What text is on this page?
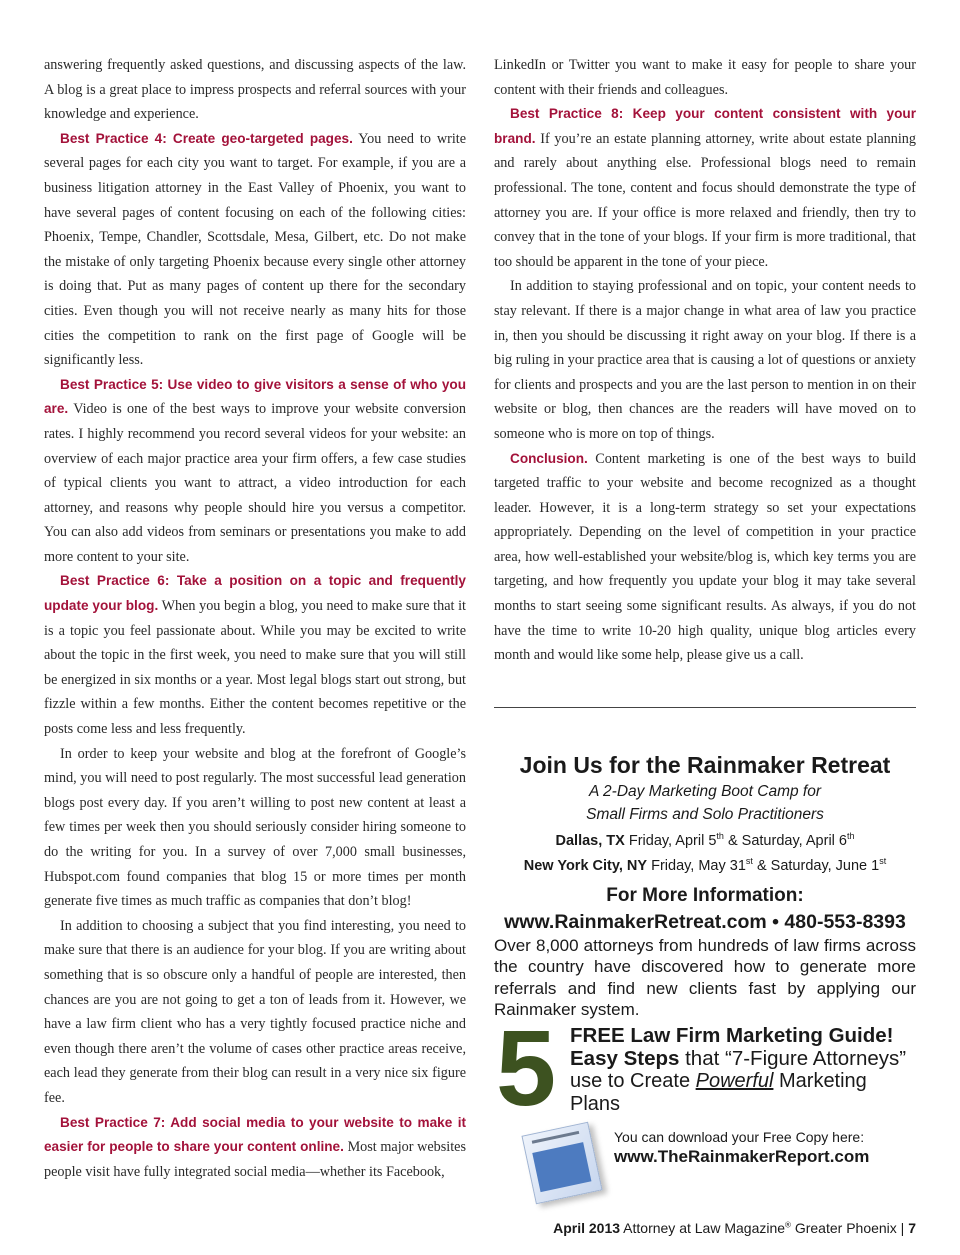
answering frequently asked questions, and discussing aspects of the law. A blog is a great place to impress prospects and referral sources with your knowledge and experience.

Best Practice 4: Create geo-targeted pages. You need to write several pages for each city you want to target. For example, if you are a business litigation attorney in the East Valley of Phoenix, you want to have several pages of content focusing on each of the following cities: Phoenix, Tempe, Chandler, Scottsdale, Mesa, Gilbert, etc. Do not make the mistake of only targeting Phoenix because every single other attorney is doing that. Put as many pages of content up there for the secondary cities. Even though you will not receive nearly as many hits for those cities the competition to rank on the first page of Google will be significantly less.

Best Practice 5: Use video to give visitors a sense of who you are. Video is one of the best ways to improve your website conversion rates. I highly recommend you record several videos for your website: an overview of each major practice area your firm offers, a few case studies of typical clients you want to attract, a video introduction for each attorney, and reasons why people should hire you versus a competitor. You can also add videos from seminars or presentations you make to add more content to your site.

Best Practice 6: Take a position on a topic and frequently update your blog. When you begin a blog, you need to make sure that it is a topic you feel passionate about. While you may be excited to write about the topic in the first week, you need to make sure that you will still be energized in six months or a year. Most legal blogs start out strong, but fizzle within a few months. Either the content becomes repetitive or the posts come less and less frequently.

In order to keep your website and blog at the forefront of Google’s mind, you will need to post regularly. The most successful lead generation blogs post every day. If you aren’t willing to post new content at least a few times per week then you should seriously consider hiring someone to do the writing for you. In a survey of over 7,000 small businesses, Hubspot.com found companies that blog 15 or more times per month generate five times as much traffic as companies that don’t blog!

In addition to choosing a subject that you find interesting, you need to make sure that there is an audience for your blog. If you are writing about something that is so obscure only a handful of people are interested, then chances are you are not going to get a ton of leads from it. However, we have a law firm client who has a very tightly focused practice niche and even though there aren’t the volume of cases other practice areas receive, each lead they generate from their blog can result in a very nice six figure fee.

Best Practice 7: Add social media to your website to make it easier for people to share your content online. Most major websites people visit have fully integrated social media—whether its Facebook,

LinkedIn or Twitter you want to make it easy for people to share your content with their friends and colleagues.

Best Practice 8: Keep your content consistent with your brand. If you’re an estate planning attorney, write about estate planning and rarely about anything else. Professional blogs need to remain professional. The tone, content and focus should demonstrate the type of attorney you are. If your office is more relaxed and friendly, then try to convey that in the tone of your blogs. If your firm is more traditional, that too should be apparent in the tone of your piece.

In addition to staying professional and on topic, your content needs to stay relevant. If there is a major change in what area of law you practice in, then you should be discussing it right away on your blog. If there is a big ruling in your practice area that is causing a lot of questions or anxiety for clients and prospects and you are the last person to mention in on their website or blog, then chances are the readers will have moved on to someone who is more on top of things.

Conclusion. Content marketing is one of the best ways to build targeted traffic to your website and become recognized as a thought leader. However, it is a long-term strategy so set your expectations appropriately. Depending on the level of competition in your practice area, how well-established your website/blog is, which key terms you are targeting, and how frequently you update your blog it may take several months to start seeing some significant results. As always, if you do not have the time to write 10-20 high quality, unique blog articles every month and would like some help, please give us a call.

Join Us for the Rainmaker Retreat
A 2-Day Marketing Boot Camp for
Small Firms and Solo Practitioners
Dallas, TX Friday, April 5th & Saturday, April 6th
New York City, NY Friday, May 31st & Saturday, June 1st
For More Information:
www.RainmakerRetreat.com • 480-553-8393
Over 8,000 attorneys from hundreds of law firms across the country have discovered how to generate more referrals and find new clients fast by applying our Rainmaker system.
5 FREE Law Firm Marketing Guide!
Easy Steps that “7-Figure Attorneys”
use to Create Powerful Marketing Plans
You can download your Free Copy here:
www.TheRainmakerReport.com
April 2013 Attorney at Law Magazine® Greater Phoenix | 7
